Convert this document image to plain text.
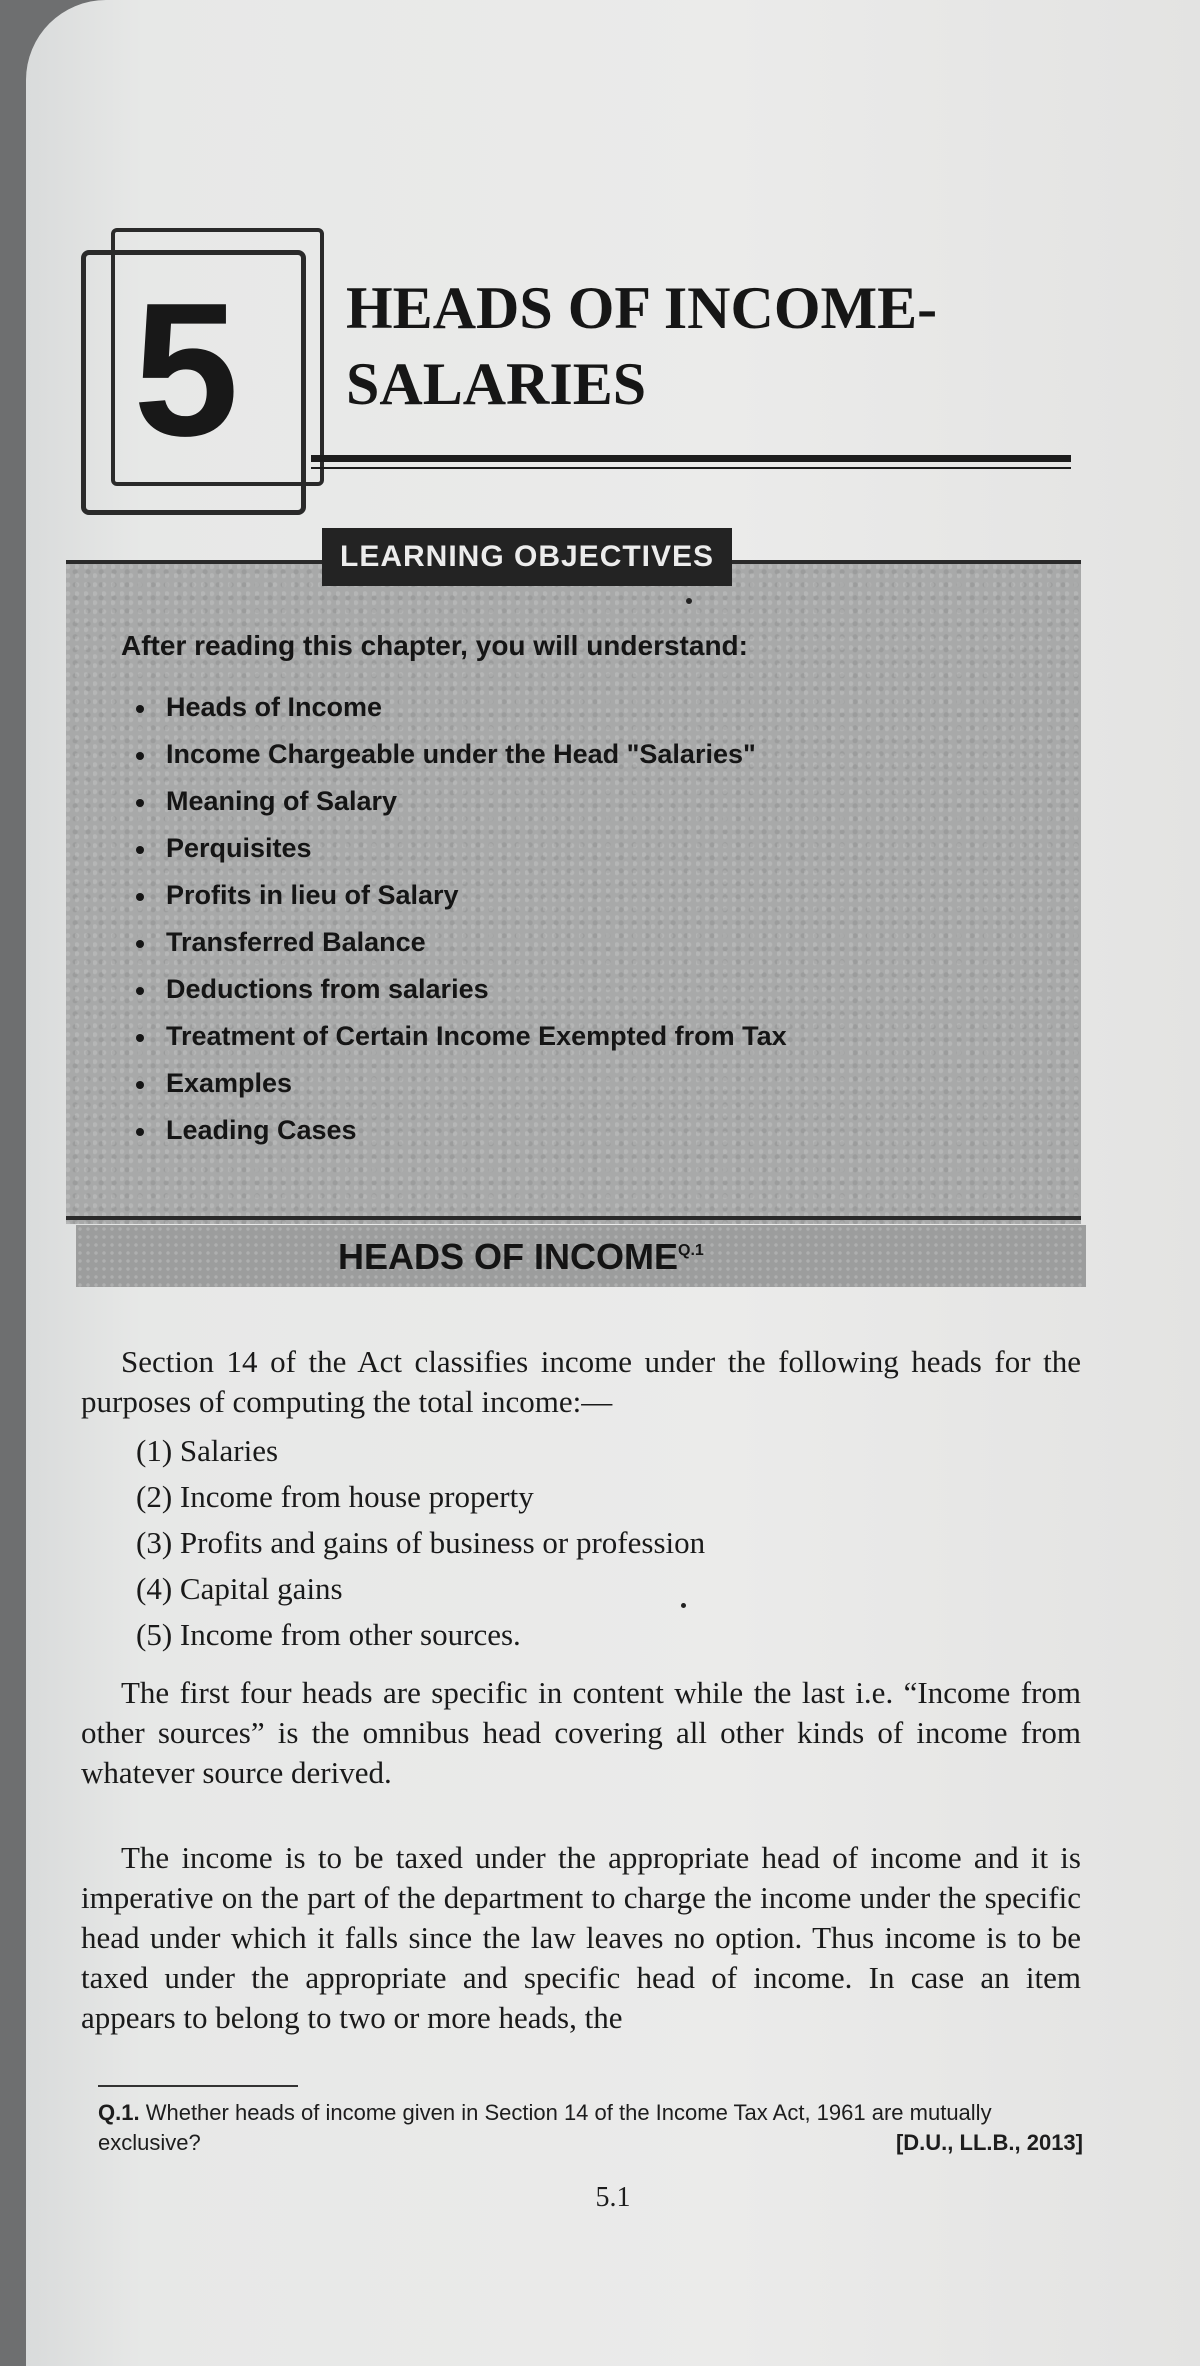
5	HEADS OF INCOME-
SALARIES
LEARNING OBJECTIVES
After reading this chapter, you will understand:
Heads of Income
Income Chargeable under the Head "Salaries"
Meaning of Salary
Perquisites
Profits in lieu of Salary
Transferred Balance
Deductions from salaries
Treatment of Certain Income Exempted from Tax
Examples
Leading Cases
HEADS OF $INCOME^{Q.1}$
Section 14 of the Act classifies income under the following heads for the purposes of computing the total income:—
(1) Salaries
(2) Income from house property
(3) Profits and gains of business or profession
(4) Capital gains
(5) Income from other sources.
The first four heads are specific in content while the last i.e. “Income from other sources” is the omnibus head covering all other kinds of income from whatever source derived.
The income is to be taxed under the appropriate head of income and it is imperative on the part of the department to charge the income under the specific head under which it falls since the law leaves no option. Thus income is to be taxed under the appropriate and specific head of income. In case an item appears to belong to two or more heads, the
Q.1. Whether heads of income given in Section 14 of the Income Tax Act, 1961 are mutually exclusive?	[D.U., LL.B., 2013]
5.1
